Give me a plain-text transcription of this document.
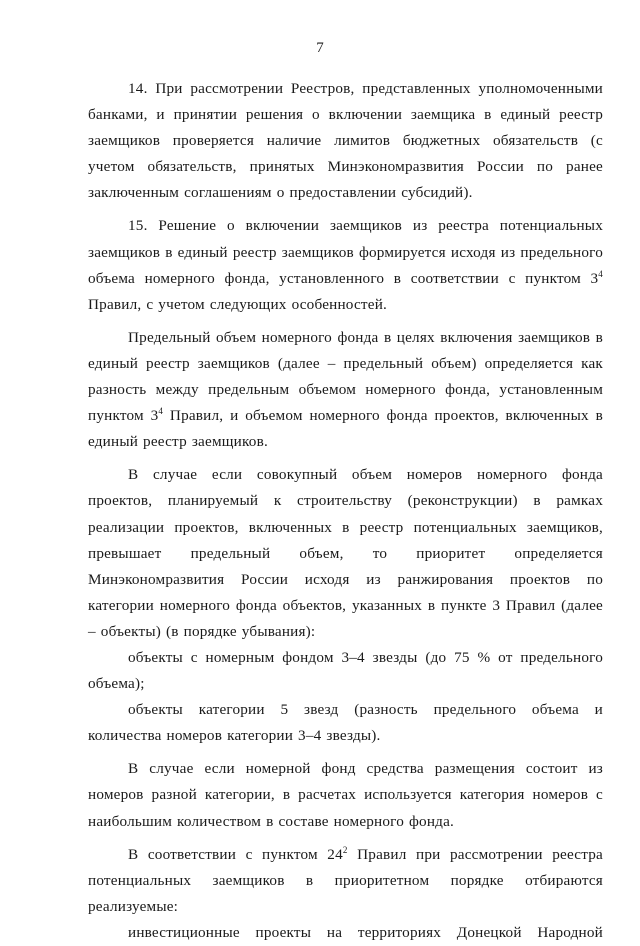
7

14. При рассмотрении Реестров, представленных уполномоченными банками, и принятии решения о включении заемщика в единый реестр заемщиков проверяется наличие лимитов бюджетных обязательств (с учетом обязательств, принятых Минэкономразвития России по ранее заключенным соглашениям о предоставлении субсидий).

15. Решение о включении заемщиков из реестра потенциальных заемщиков в единый реестр заемщиков формируется исходя из предельного объема номерного фонда, установленного в соответствии с пунктом $3^4$ Правил, с учетом следующих особенностей.

Предельный объем номерного фонда в целях включения заемщиков в единый реестр заемщиков (далее – предельный объем) определяется как разность между предельным объемом номерного фонда, установленным пунктом $3^4$ Правил, и объемом номерного фонда проектов, включенных в единый реестр заемщиков.

В случае если совокупный объем номеров номерного фонда проектов, планируемый к строительству (реконструкции) в рамках реализации проектов, включенных в реестр потенциальных заемщиков, превышает предельный объем, то приоритет определяется Минэкономразвития России исходя из ранжирования проектов по категории номерного фонда объектов, указанных в пункте 3 Правил (далее – объекты) (в порядке убывания):

объекты с номерным фондом 3–4 звезды (до 75 % от предельного объема);

объекты категории 5 звезд (разность предельного объема и количества номеров категории 3–4 звезды).

В случае если номерной фонд средства размещения состоит из номеров разной категории, в расчетах используется категория номеров с наибольшим количеством в составе номерного фонда.

В соответствии с пунктом $24^2$ Правил при рассмотрении реестра потенциальных заемщиков в приоритетном порядке отбираются реализуемые:

инвестиционные проекты на территориях Донецкой Народной
